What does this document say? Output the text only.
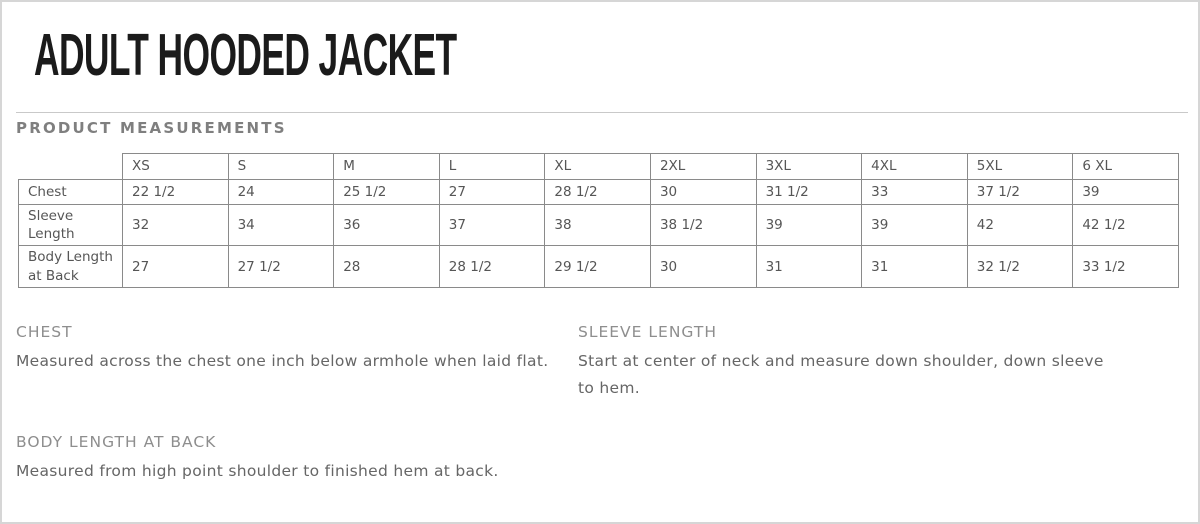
ADULT HOODED JACKET
PRODUCT MEASUREMENTS
	XS	S	M	L	XL	2XL	3XL	4XL	5XL	6 XL
Chest	22 1/2	24	25 1/2	27	28 1/2	30	31 1/2	33	37 1/2	39
Sleeve Length	32	34	36	37	38	38 1/2	39	39	42	42 1/2
Body Length at Back	27	27 1/2	28	28 1/2	29 1/2	30	31	31	32 1/2	33 1/2
CHEST
Measured across the chest one inch below armhole when laid flat.
SLEEVE LENGTH
Start at center of neck and measure down shoulder, down sleeve to hem.
BODY LENGTH AT BACK
Measured from high point shoulder to finished hem at back.
